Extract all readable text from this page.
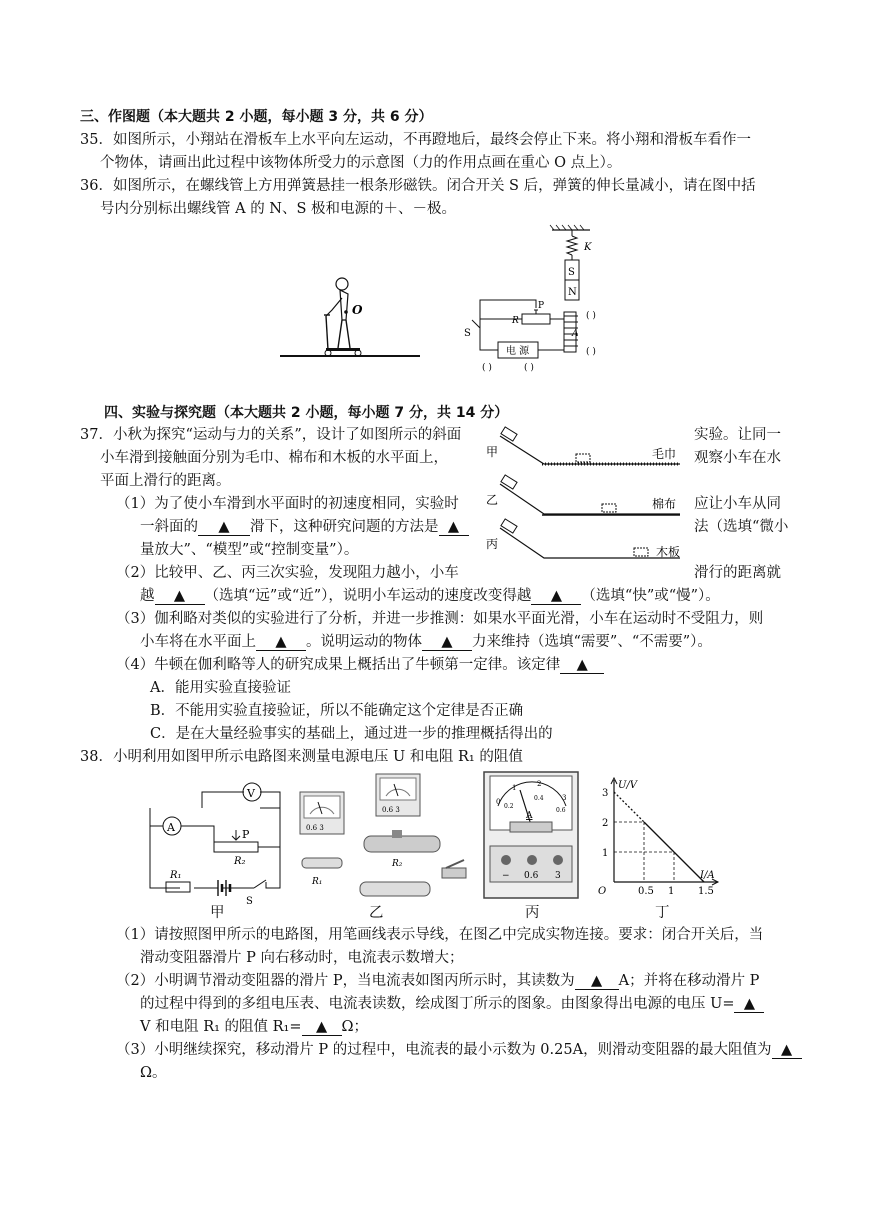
三、作图题（本大题共 2 小题，每小题 3 分，共 6 分）
35．如图所示，小翔站在滑板车上水平向左运动，不再蹬地后，最终会停止下来。将小翔和滑板车看作一
个物体，请画出此过程中该物体所受力的示意图（力的作用点画在重心 O 点上）。
36．如图所示，在螺线管上方用弹簧悬挂一根条形磁铁。闭合开关 S 后，弹簧的伸长量减小，请在图中括
号内分别标出螺线管 A 的 N、S 极和电源的＋、－极。
O
K
S
N
R
P
S	A
( )
( )
电 源
( )	( )
四、实验与探究题（本大题共 2 小题，每小题 7 分，共 14 分）
37．小秋为探究“运动与力的关系”，设计了如图所示的斜面	实验。让同一
小车滑到接触面分别为毛巾、棉布和木板的水平面上，	观察小车在水
平面上滑行的距离。
（1）为了使小车滑到水平面时的初速度相同，实验时	应让小车从同
一斜面的 ▲ 滑下，这种研究问题的方法是 ▲	法（选填“微小
量放大”、“模型”或“控制变量”）。
（2）比较甲、乙、丙三次实验，发现阻力越小，小车	滑行的距离就
越 ▲ （选填“远”或“近”），说明小车运动的速度改变得越 ▲ （选填“快”或“慢”）。
（3）伽利略对类似的实验进行了分析，并进一步推测：如果水平面光滑，小车在运动时不受阻力，则
小车将在水平面上 ▲ 。说明运动的物体 ▲ 力来维持（选填“需要”、“不需要”）。
（4）牛顿在伽利略等人的研究成果上概括出了牛顿第一定律。该定律 ▲
A．能用实验直接验证
B．不能用实验直接验证，所以不能确定这个定律是否正确
C．是在大量经验事实的基础上，通过进一步的推理概括得出的
甲	毛巾
乙	棉布
丙
木板
38．小明利用如图甲所示电路图来测量电源电压 U 和电阻 R₁ 的阻值
A
P
R₂
V
R₁
S
甲
0.6 3
0.6 3
R₂
R₁
乙
0
1	2
3
0.2
0.4
0.6
A
− 0.6 3
丙
U/V
I/A
O
3
2
1
0.5 1 1.5
丁
（1）请按照图甲所示的电路图，用笔画线表示导线，在图乙中完成实物连接。要求：闭合开关后，当
滑动变阻器滑片 P 向右移动时，电流表示数增大；
（2）小明调节滑动变阻器的滑片 P，当电流表如图丙所示时，其读数为 ▲ A；并将在移动滑片 P
的过程中得到的多组电压表、电流表读数，绘成图丁所示的图象。由图象得出电源的电压 U= ▲
V 和电阻 R₁ 的阻值 R₁= ▲ Ω；
（3）小明继续探究，移动滑片 P 的过程中，电流表的最小示数为 0.25A，则滑动变阻器的最大阻值为 ▲
Ω。
